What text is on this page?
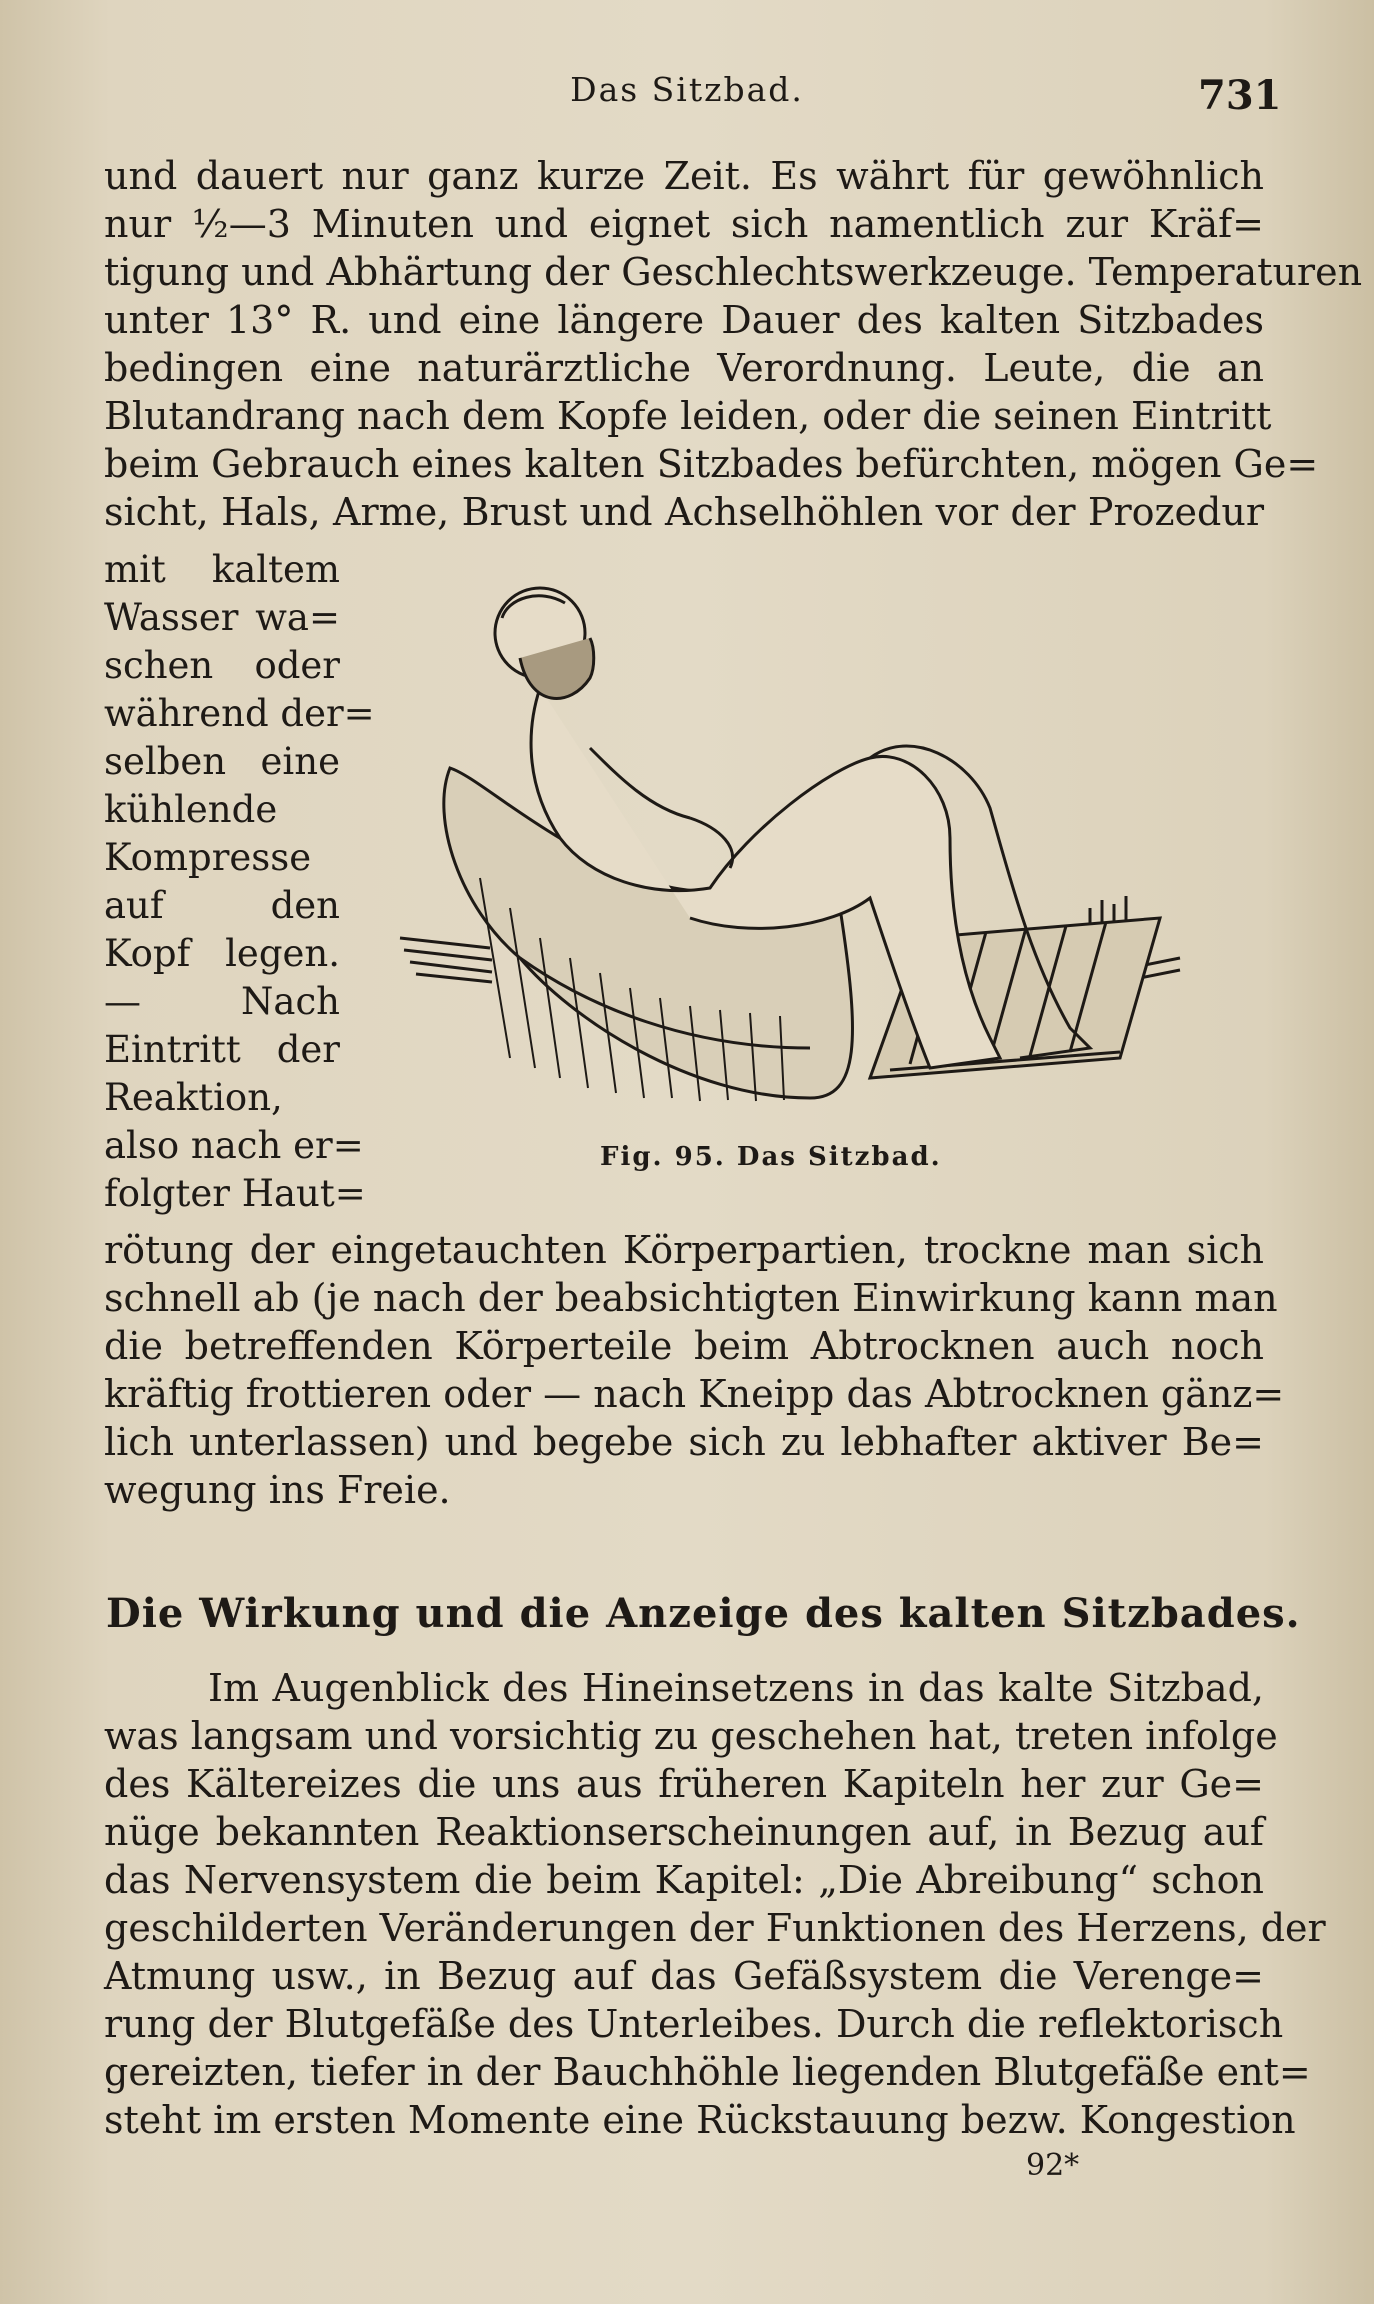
Das Sitzbad.	731
und dauert nur ganz kurze Zeit. Es währt für gewöhnlich
nur ½—3 Minuten und eignet sich namentlich zur Kräf=
tigung und Abhärtung der Geschlechtswerkzeuge. Temperaturen
unter 13° R. und eine längere Dauer des kalten Sitzbades
bedingen eine naturärztliche Verordnung. Leute, die an
Blutandrang nach dem Kopfe leiden, oder die seinen Eintritt
beim Gebrauch eines kalten Sitzbades befürchten, mögen Ge=
sicht, Hals, Arme, Brust und Achselhöhlen vor der Prozedur
mit kaltem
Wasser wa=
schen oder
während der=
selben eine
kühlende
Kompresse
auf den
Kopf legen.
— Nach
Eintritt der
Reaktion,
also nach er=
folgter Haut=
Fig. 95. Das Sitzbad.
rötung der eingetauchten Körperpartien, trockne man sich
schnell ab (je nach der beabsichtigten Einwirkung kann man
die betreffenden Körperteile beim Abtrocknen auch noch
kräftig frottieren oder — nach Kneipp das Abtrocknen gänz=
lich unterlassen) und begebe sich zu lebhafter aktiver Be=
wegung ins Freie.
Die Wirkung und die Anzeige des kalten Sitzbades.
Im Augenblick des Hineinsetzens in das kalte Sitzbad,
was langsam und vorsichtig zu geschehen hat, treten infolge
des Kältereizes die uns aus früheren Kapiteln her zur Ge=
nüge bekannten Reaktionserscheinungen auf, in Bezug auf
das Nervensystem die beim Kapitel: „Die Abreibung“ schon
geschilderten Veränderungen der Funktionen des Herzens, der
Atmung usw., in Bezug auf das Gefäßsystem die Verenge=
rung der Blutgefäße des Unterleibes. Durch die reflektorisch
gereizten, tiefer in der Bauchhöhle liegenden Blutgefäße ent=
steht im ersten Momente eine Rückstauung bezw. Kongestion
92*
